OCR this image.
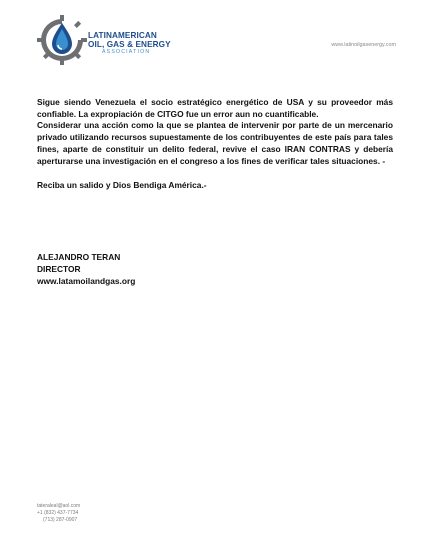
LATINAMERICAN
OIL, GAS & ENERGY
ASSOCIATION
www.latinoilgasenergy.com

Sigue siendo Venezuela el socio estratégico energético de USA y su proveedor más confiable. La expropiación de CITGO fue un error aun no cuantificable.

Considerar una acción como la que se plantea de intervenir por parte de un mercenario privado utilizando recursos supuestamente de los contribuyentes de este país para tales fines, aparte de constituir un delito federal, revive el caso IRAN CONTRAS y debería aperturarse una investigación en el congreso a los fines de verificar tales situaciones. -

Reciba un salido y Dios Bendiga América.-

ALEJANDRO TERAN
DIRECTOR
www.latamoilandgas.org
tateraleal@aol.com
+1 (832) 437-7734
(713) 287-0907
